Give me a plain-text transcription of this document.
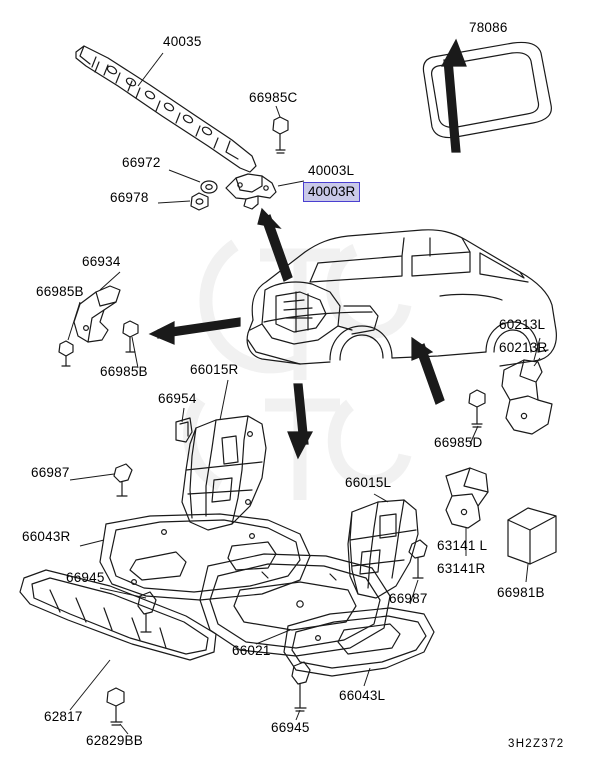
40035
78086
66985C
66972
40003L
66978	40003R
66934
66985B
60213L
60213R
66985B	66015R
66954
66985D
66987
66015L
66043R
63141 L
63141R
66981B
66945
66987
66021
66043L
62817
66945
62829BB	3H2Z372
